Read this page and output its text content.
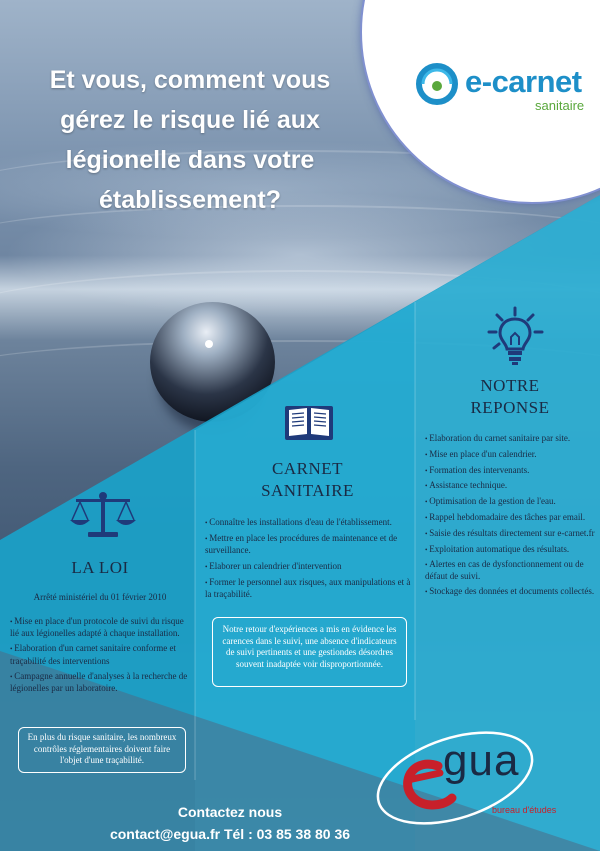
Et vous, comment vous gérez le risque lié aux légionelle dans votre établissement?
e-carnet
sanitaire
LA LOI
Arrêté ministériel du 01 février 2010

• Mise en place d'un protocole de suivi du risque lié aux légionelles adapté à chaque installation.

• Elaboration d'un carnet sanitaire conforme et traçabilité des interventions

• Campagne annuelle d'analyses à la recherche de légionelles par un laboratoire.

En plus du risque sanitaire, les nombreux contrôles réglementaires doivent faire l'objet d'une traçabilité.
CARNET
SANITAIRE

• Connaître les installations d'eau de l'établissement.

• Mettre en place les procédures de maintenance et de surveillance.

• Elaborer un calendrier d'intervention

• Former le personnel aux risques, aux manipulations et à la traçabilité.

Notre retour d'expériences a mis en évidence les carences dans le suivi, une absence d'indicateurs de suivi pertinents et une gestiondes désordres souvent inadaptée voir disproportionnée.
NOTRE
REPONSE

• Elaboration du carnet sanitaire par site.

• Mise en place d'un calendrier.

• Formation des intervenants.

• Assistance technique.

• Optimisation de la gestion de l'eau.

• Rappel hebdomadaire des tâches par email.

• Saisie des résultats directement sur e-carnet.fr

• Exploitation automatique des résultats.

• Alertes en cas de dysfonctionnement ou de défaut de suivi.

• Stockage des données et documents collectés.

Contactez nous
contact@egua.fr Tél : 03 85 38 80 36
gua
bureau d'études
